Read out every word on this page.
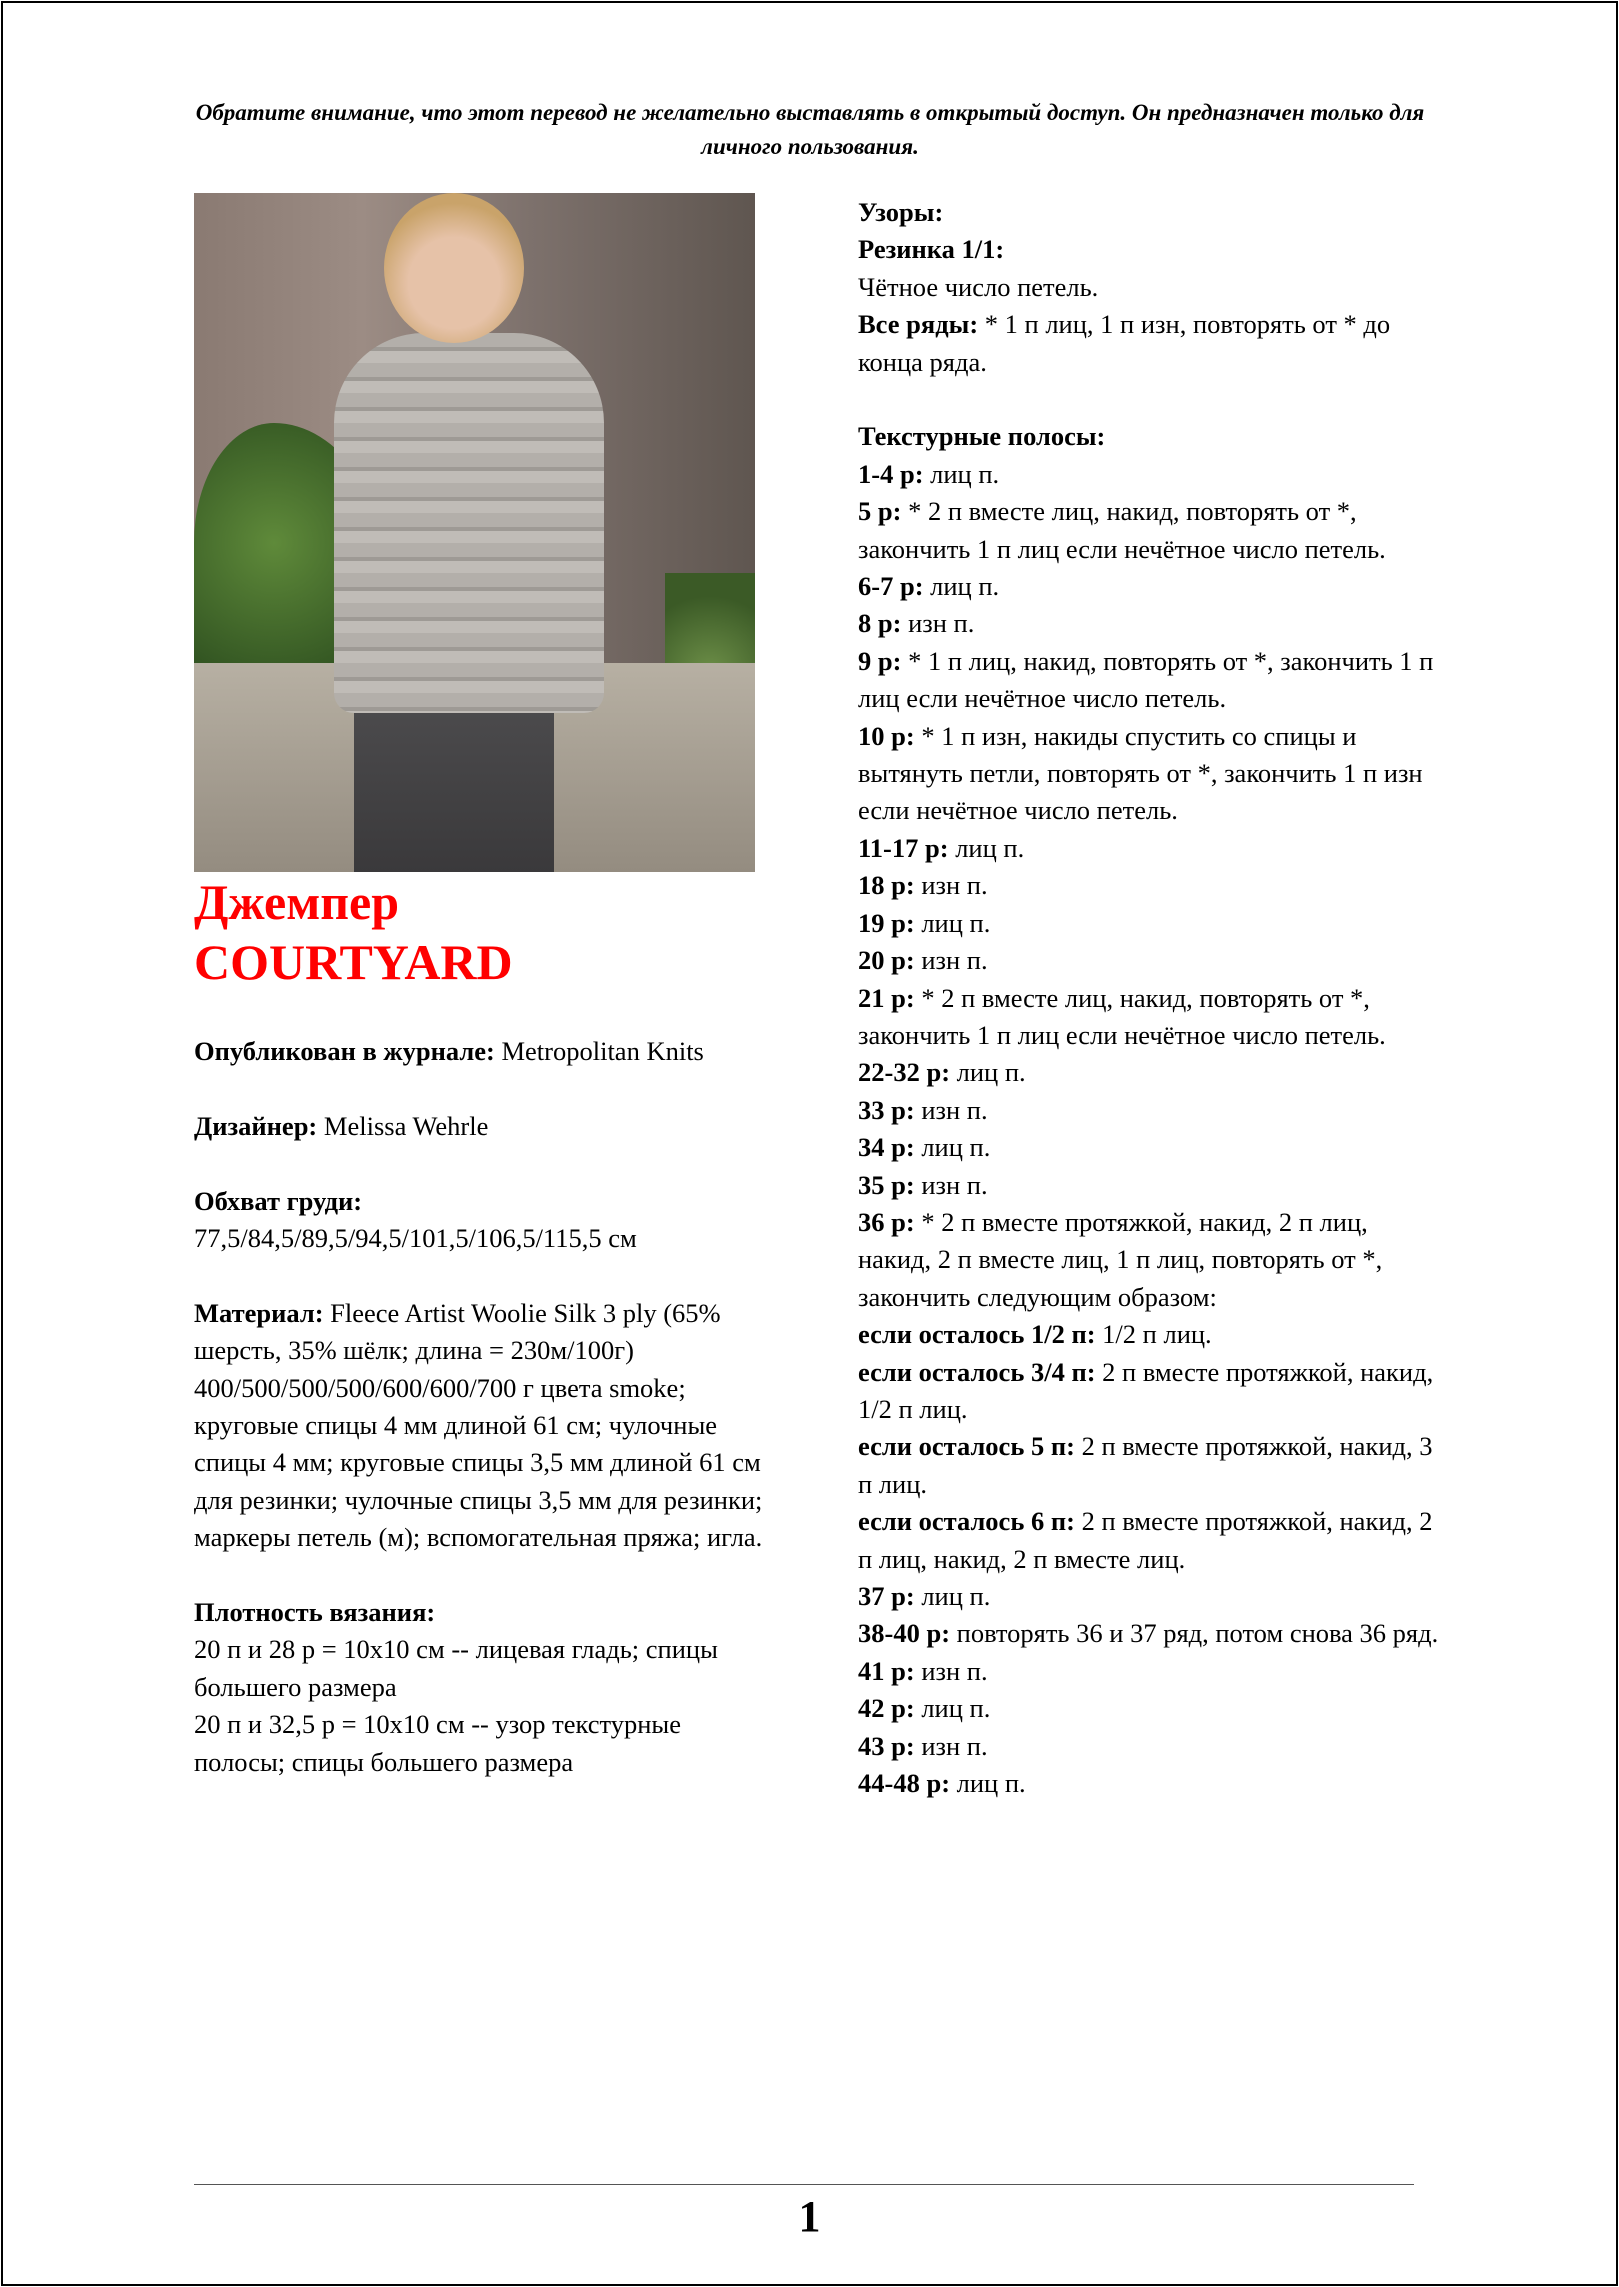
Обратите внимание, что этот перевод не желательно выставлять в открытый доступ. Он предназначен только для личного пользования.
Джемпер
COURTYARD

Опубликован в журнале: Metropolitan Knits

Дизайнер: Melissa Wehrle

Обхват груди:
77,5/84,5/89,5/94,5/101,5/106,5/115,5 см

Материал: Fleece Artist Woolie Silk 3 ply (65% шерсть, 35% шёлк; длина = 230м/100г) 400/500/500/500/600/600/700 г цвета smoke; круговые спицы 4 мм длиной 61 см; чулочные спицы 4 мм; круговые спицы 3,5 мм длиной 61 см для резинки; чулочные спицы 3,5 мм для резинки; маркеры петель (м); вспомогательная пряжа; игла.

Плотность вязания:

20 п и 28 р = 10х10 см -- лицевая гладь; спицы большего размера

20 п и 32,5 р = 10х10 см -- узор текстурные полосы; спицы большего размера

Узоры:

Резинка 1/1:

Чётное число петель.

Все ряды: * 1 п лиц, 1 п изн, повторять от * до конца ряда.

Текстурные полосы:

1-4 р: лиц п.

5 р: * 2 п вместе лиц, накид, повторять от *, закончить 1 п лиц если нечётное число петель.

6-7 р: лиц п.

8 р: изн п.

9 р: * 1 п лиц, накид, повторять от *, закончить 1 п лиц если нечётное число петель.

10 р: * 1 п изн, накиды спустить со спицы и вытянуть петли, повторять от *, закончить 1 п изн если нечётное число петель.

11-17 р: лиц п.

18 р: изн п.

19 р: лиц п.

20 р: изн п.

21 р: * 2 п вместе лиц, накид, повторять от *, закончить 1 п лиц если нечётное число петель.

22-32 р: лиц п.

33 р: изн п.

34 р: лиц п.

35 р: изн п.

36 р: * 2 п вместе протяжкой, накид, 2 п лиц, накид, 2 п вместе лиц, 1 п лиц, повторять от *, закончить следующим образом:

если осталось 1/2 п: 1/2 п лиц.

если осталось 3/4 п: 2 п вместе протяжкой, накид, 1/2 п лиц.

если осталось 5 п: 2 п вместе протяжкой, накид, 3 п лиц.

если осталось 6 п: 2 п вместе протяжкой, накид, 2 п лиц, накид, 2 п вместе лиц.

37 р: лиц п.

38-40 р: повторять 36 и 37 ряд, потом снова 36 ряд.

41 р: изн п.

42 р: лиц п.

43 р: изн п.

44-48 р: лиц п.

1
